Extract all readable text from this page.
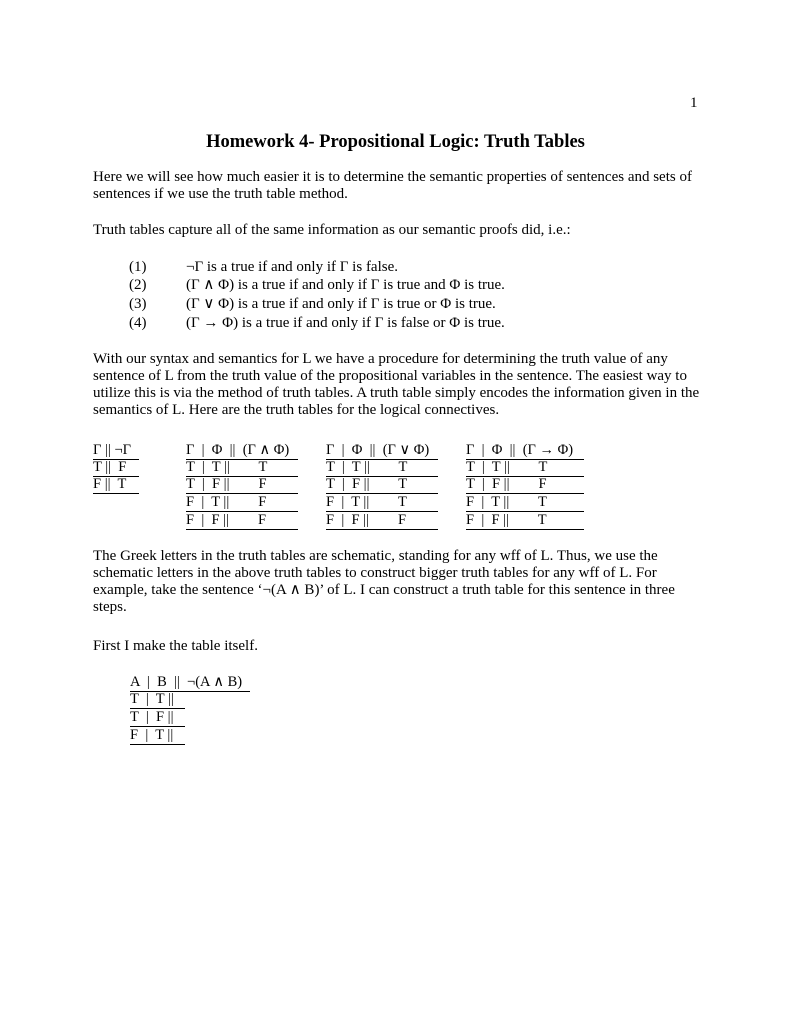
1
Homework 4- Propositional Logic: Truth Tables
Here we will see how much easier it is to determine the semantic properties of sentences and sets of sentences if we use the truth table method.
Truth tables capture all of the same information as our semantic proofs did, i.e.:
(1)	¬Γ is a true if and only if Γ is false.
(2)	(Γ ∧ Φ) is a true if and only if Γ is true and Φ is true.
(3)	(Γ ∨ Φ) is a true if and only if Γ is true or Φ is true.
(4)	(Γ → Φ) is a true if and only if Γ is false or Φ is true.
With our syntax and semantics for L we have a procedure for determining the truth value of any sentence of L from the truth value of the propositional variables in the sentence. The easiest way to utilize this is via the method of truth tables. A truth table simply encodes the information given in the semantics of L. Here are the truth tables for the logical connectives.
Γ || ¬Γ
T ||  F
F ||  T
Γ  |  Φ  ||  (Γ ∧ Φ)
T  |  T ||        T
T  |  F ||        F
F  |  T ||        F
F  |  F ||        F
Γ  |  Φ  ||  (Γ ∨ Φ)
T  |  T ||        T
T  |  F ||        T
F  |  T ||        T
F  |  F ||        F
Γ  |  Φ  ||  (Γ → Φ)
T  |  T ||        T
T  |  F ||        F
F  |  T ||        T
F  |  F ||        T
The Greek letters in the truth tables are schematic, standing for any wff of L. Thus, we use the schematic letters in the above truth tables to construct bigger truth tables for any wff of L. For example, take the sentence ‘¬(A ∧ B)’ of L. I can construct a truth table for this sentence in three steps.
First I make the table itself.
A  |  B  ||  ¬(A ∧ B)
T  |  T ||
T  |  F ||
F  |  T ||
